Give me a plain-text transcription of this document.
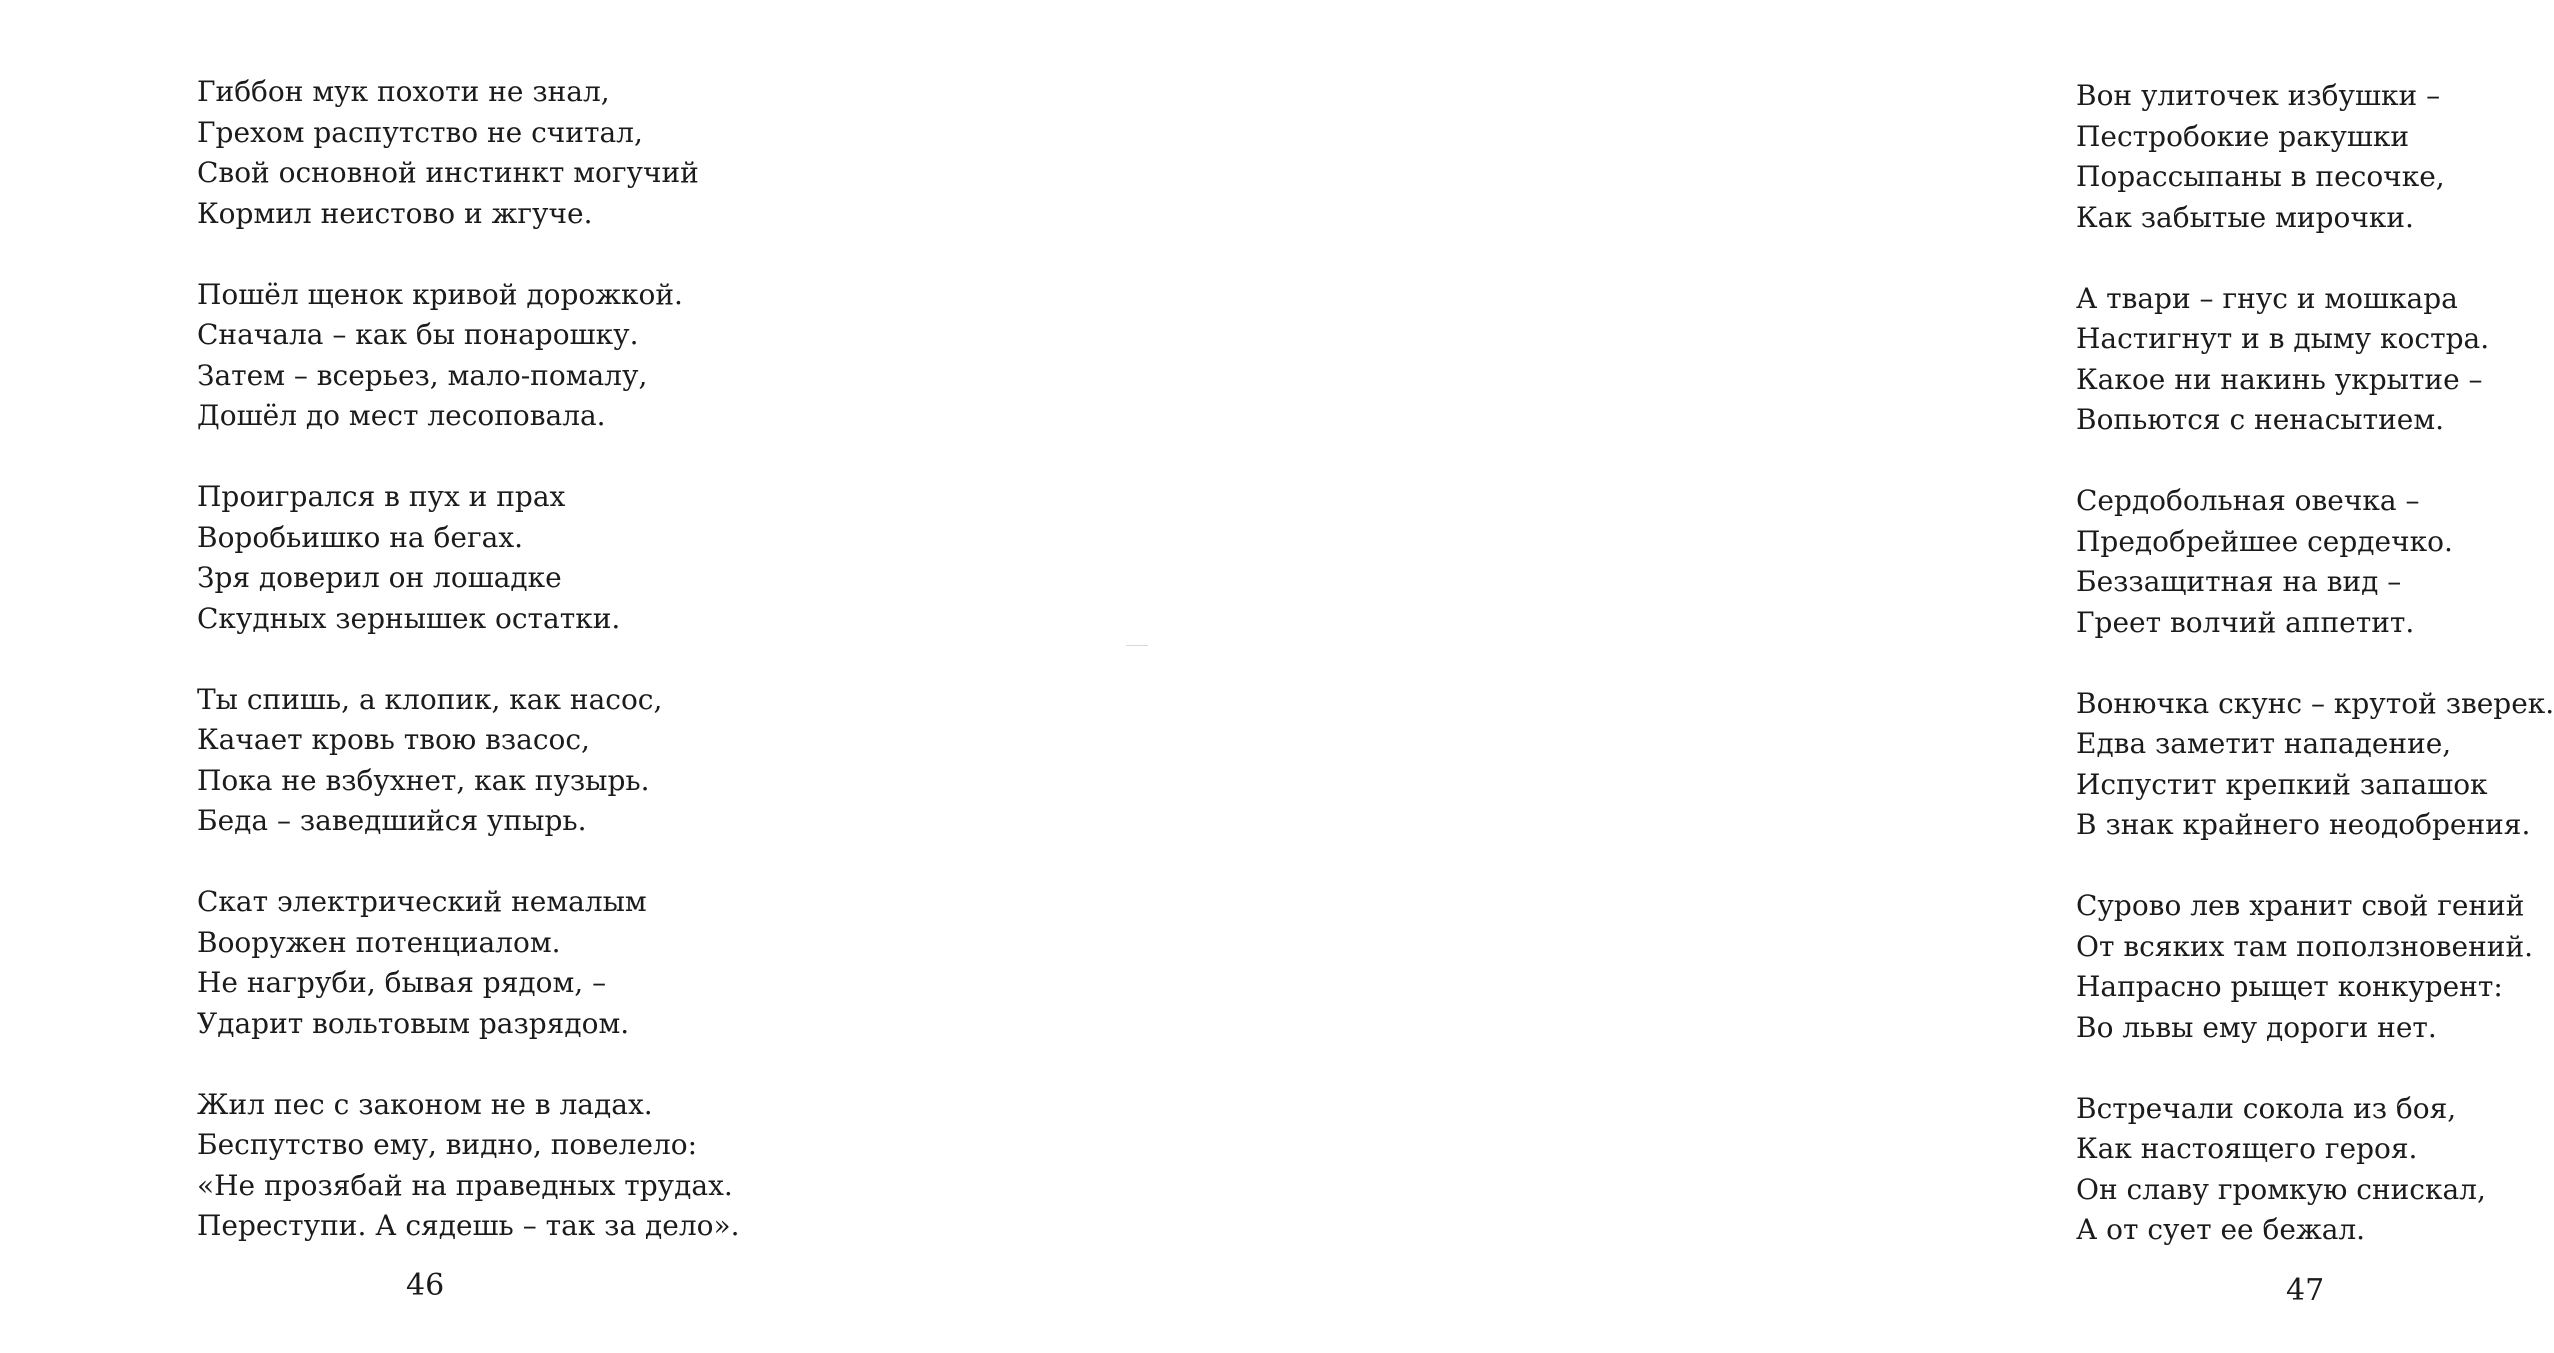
Гиббон мук похоти не знал,
Грехом распутство не считал,
Свой основной инстинкт могучий
Кормил неистово и жгуче.
Пошёл щенок кривой дорожкой.
Сначала – как бы понарошку.
Затем – всерьез, мало-помалу,
Дошёл до мест лесоповала.
Проигрался в пух и прах
Воробьишко на бегах.
Зря доверил он лошадке
Скудных зернышек остатки.
Ты спишь, а клопик, как насос,
Качает кровь твою взасос,
Пока не взбухнет, как пузырь.
Беда – заведшийся упырь.
Скат электрический немалым
Вооружен потенциалом.
Не нагруби, бывая рядом, –
Ударит вольтовым разрядом.
Жил пес с законом не в ладах.
Беспутство ему, видно, повелело:
«Не прозябай на праведных трудах.
Переступи. А сядешь – так за дело».
46
Вон улиточек избушки –
Пестробокие ракушки
Порассыпаны в песочке,
Как забытые мирочки.
А твари – гнус и мошкара
Настигнут и в дыму костра.
Какое ни накинь укрытие –
Вопьются с ненасытием.
Сердобольная овечка –
Предобрейшее сердечко.
Беззащитная на вид –
Греет волчий аппетит.
Вонючка скунс – крутой зверек.
Едва заметит нападение,
Испустит крепкий запашок
В знак крайнего неодобрения.
Сурово лев хранит свой гений
От всяких там поползновений.
Напрасно рыщет конкурент:
Во львы ему дороги нет.
Встречали сокола из боя,
Как настоящего героя.
Он славу громкую снискал,
А от сует ее бежал.
47
